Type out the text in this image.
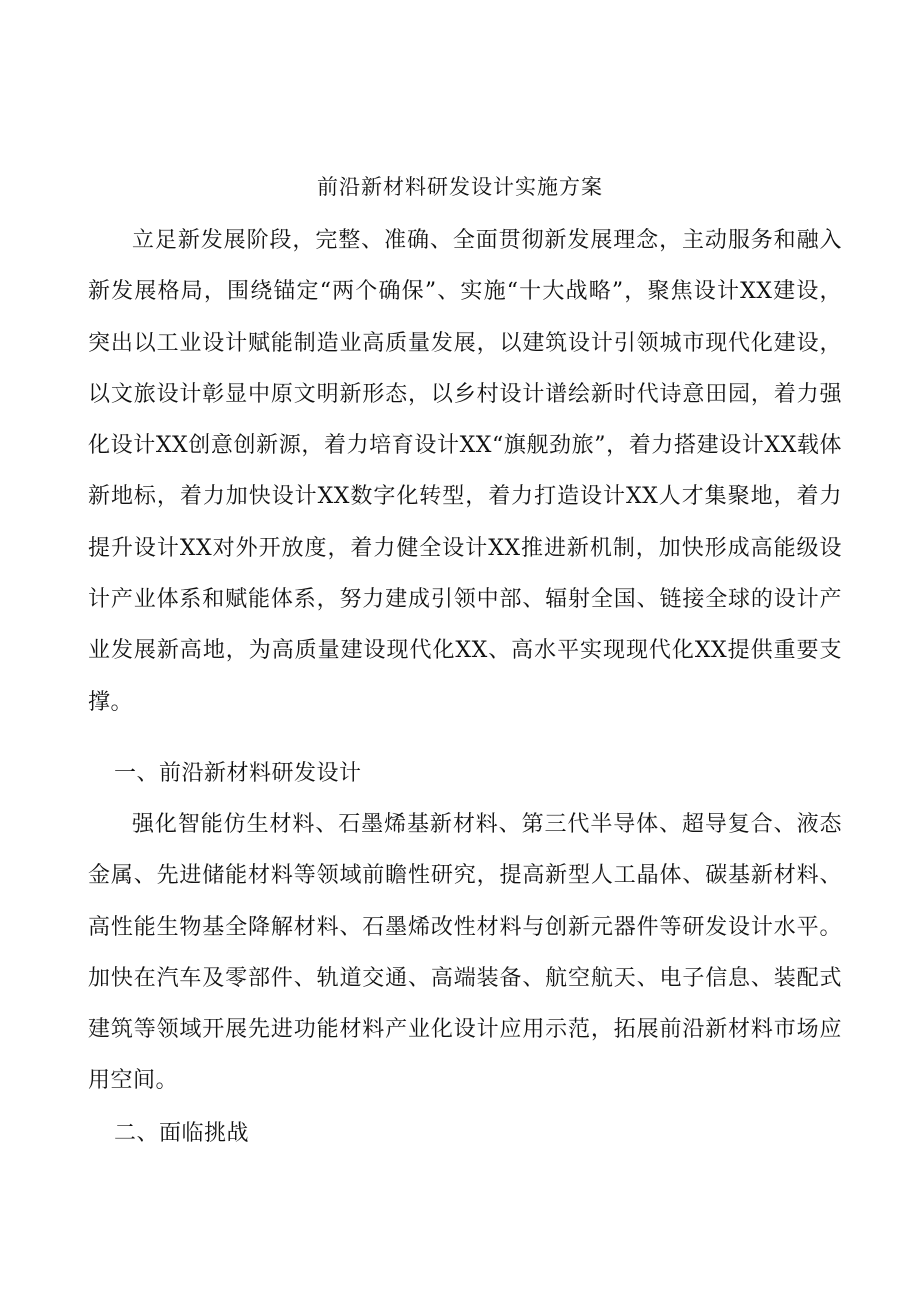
前沿新材料研发设计实施方案

立足新发展阶段，完整、准确、全面贯彻新发展理念，主动服务和融入新发展格局，围绕锚定“两个确保”、实施“十大战略”，聚焦设计XX建设，突出以工业设计赋能制造业高质量发展，以建筑设计引领城市现代化建设，以文旅设计彰显中原文明新形态，以乡村设计谱绘新时代诗意田园，着力强化设计XX创意创新源，着力培育设计XX“旗舰劲旅”，着力搭建设计XX载体新地标，着力加快设计XX数字化转型，着力打造设计XX人才集聚地，着力提升设计XX对外开放度，着力健全设计XX推进新机制，加快形成高能级设计产业体系和赋能体系，努力建成引领中部、辐射全国、链接全球的设计产业发展新高地，为高质量建设现代化XX、高水平实现现代化XX提供重要支撑。

一、前沿新材料研发设计

强化智能仿生材料、石墨烯基新材料、第三代半导体、超导复合、液态金属、先进储能材料等领域前瞻性研究，提高新型人工晶体、碳基新材料、高性能生物基全降解材料、石墨烯改性材料与创新元器件等研发设计水平。加快在汽车及零部件、轨道交通、高端装备、航空航天、电子信息、装配式建筑等领域开展先进功能材料产业化设计应用示范，拓展前沿新材料市场应用空间。

二、面临挑战
